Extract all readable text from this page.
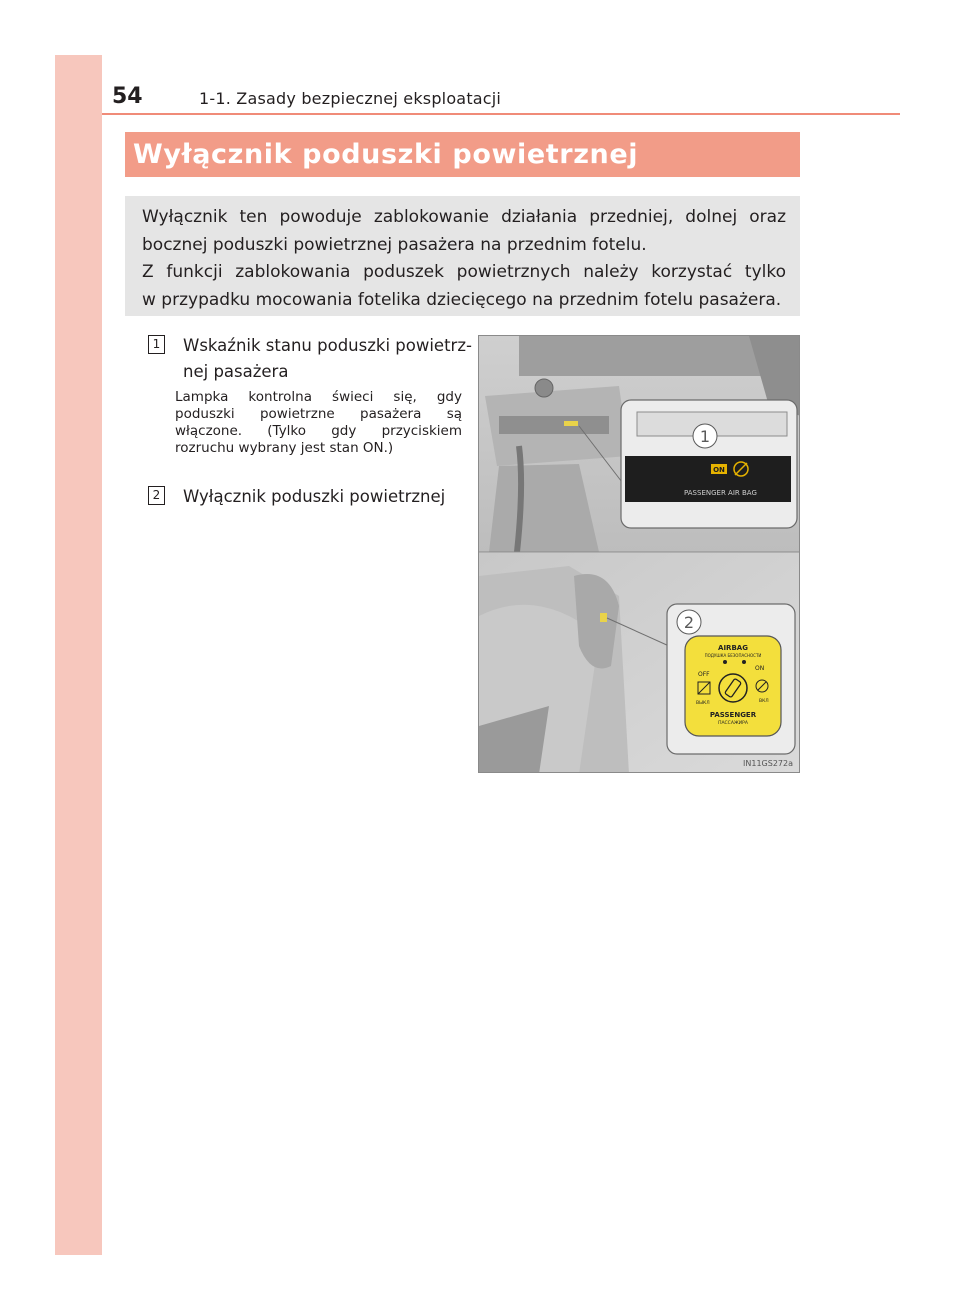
54	1-1. Zasady bezpiecznej eksploatacji
Wyłącznik poduszki powietrznej
Wyłącznik ten powoduje zablokowanie działania przedniej, dolnej oraz
bocznej poduszki powietrznej pasażera na przednim fotelu.
Z funkcji zablokowania poduszek powietrznych należy korzystać tylko
w przypadku mocowania fotelika dziecięcego na przednim fotelu pasażera.
1 Wskaźnik stanu poduszki powietrz-
nej pasażera
Lampka kontrolna świeci się, gdy
poduszki powietrzne pasażera są
włączone. (Tylko gdy przyciskiem
rozruchu wybrany jest stan ON.)
2 Wyłącznik poduszki powietrznej
ON
PASSENGER AIR BAG
1
2
AIRBAG
ПОДУШКА БЕЗОПАСНОСТИ
OFF
ON
ВЫКЛ	ВКЛ
PASSENGER
ПАССАЖИРА
IN11GS272a
